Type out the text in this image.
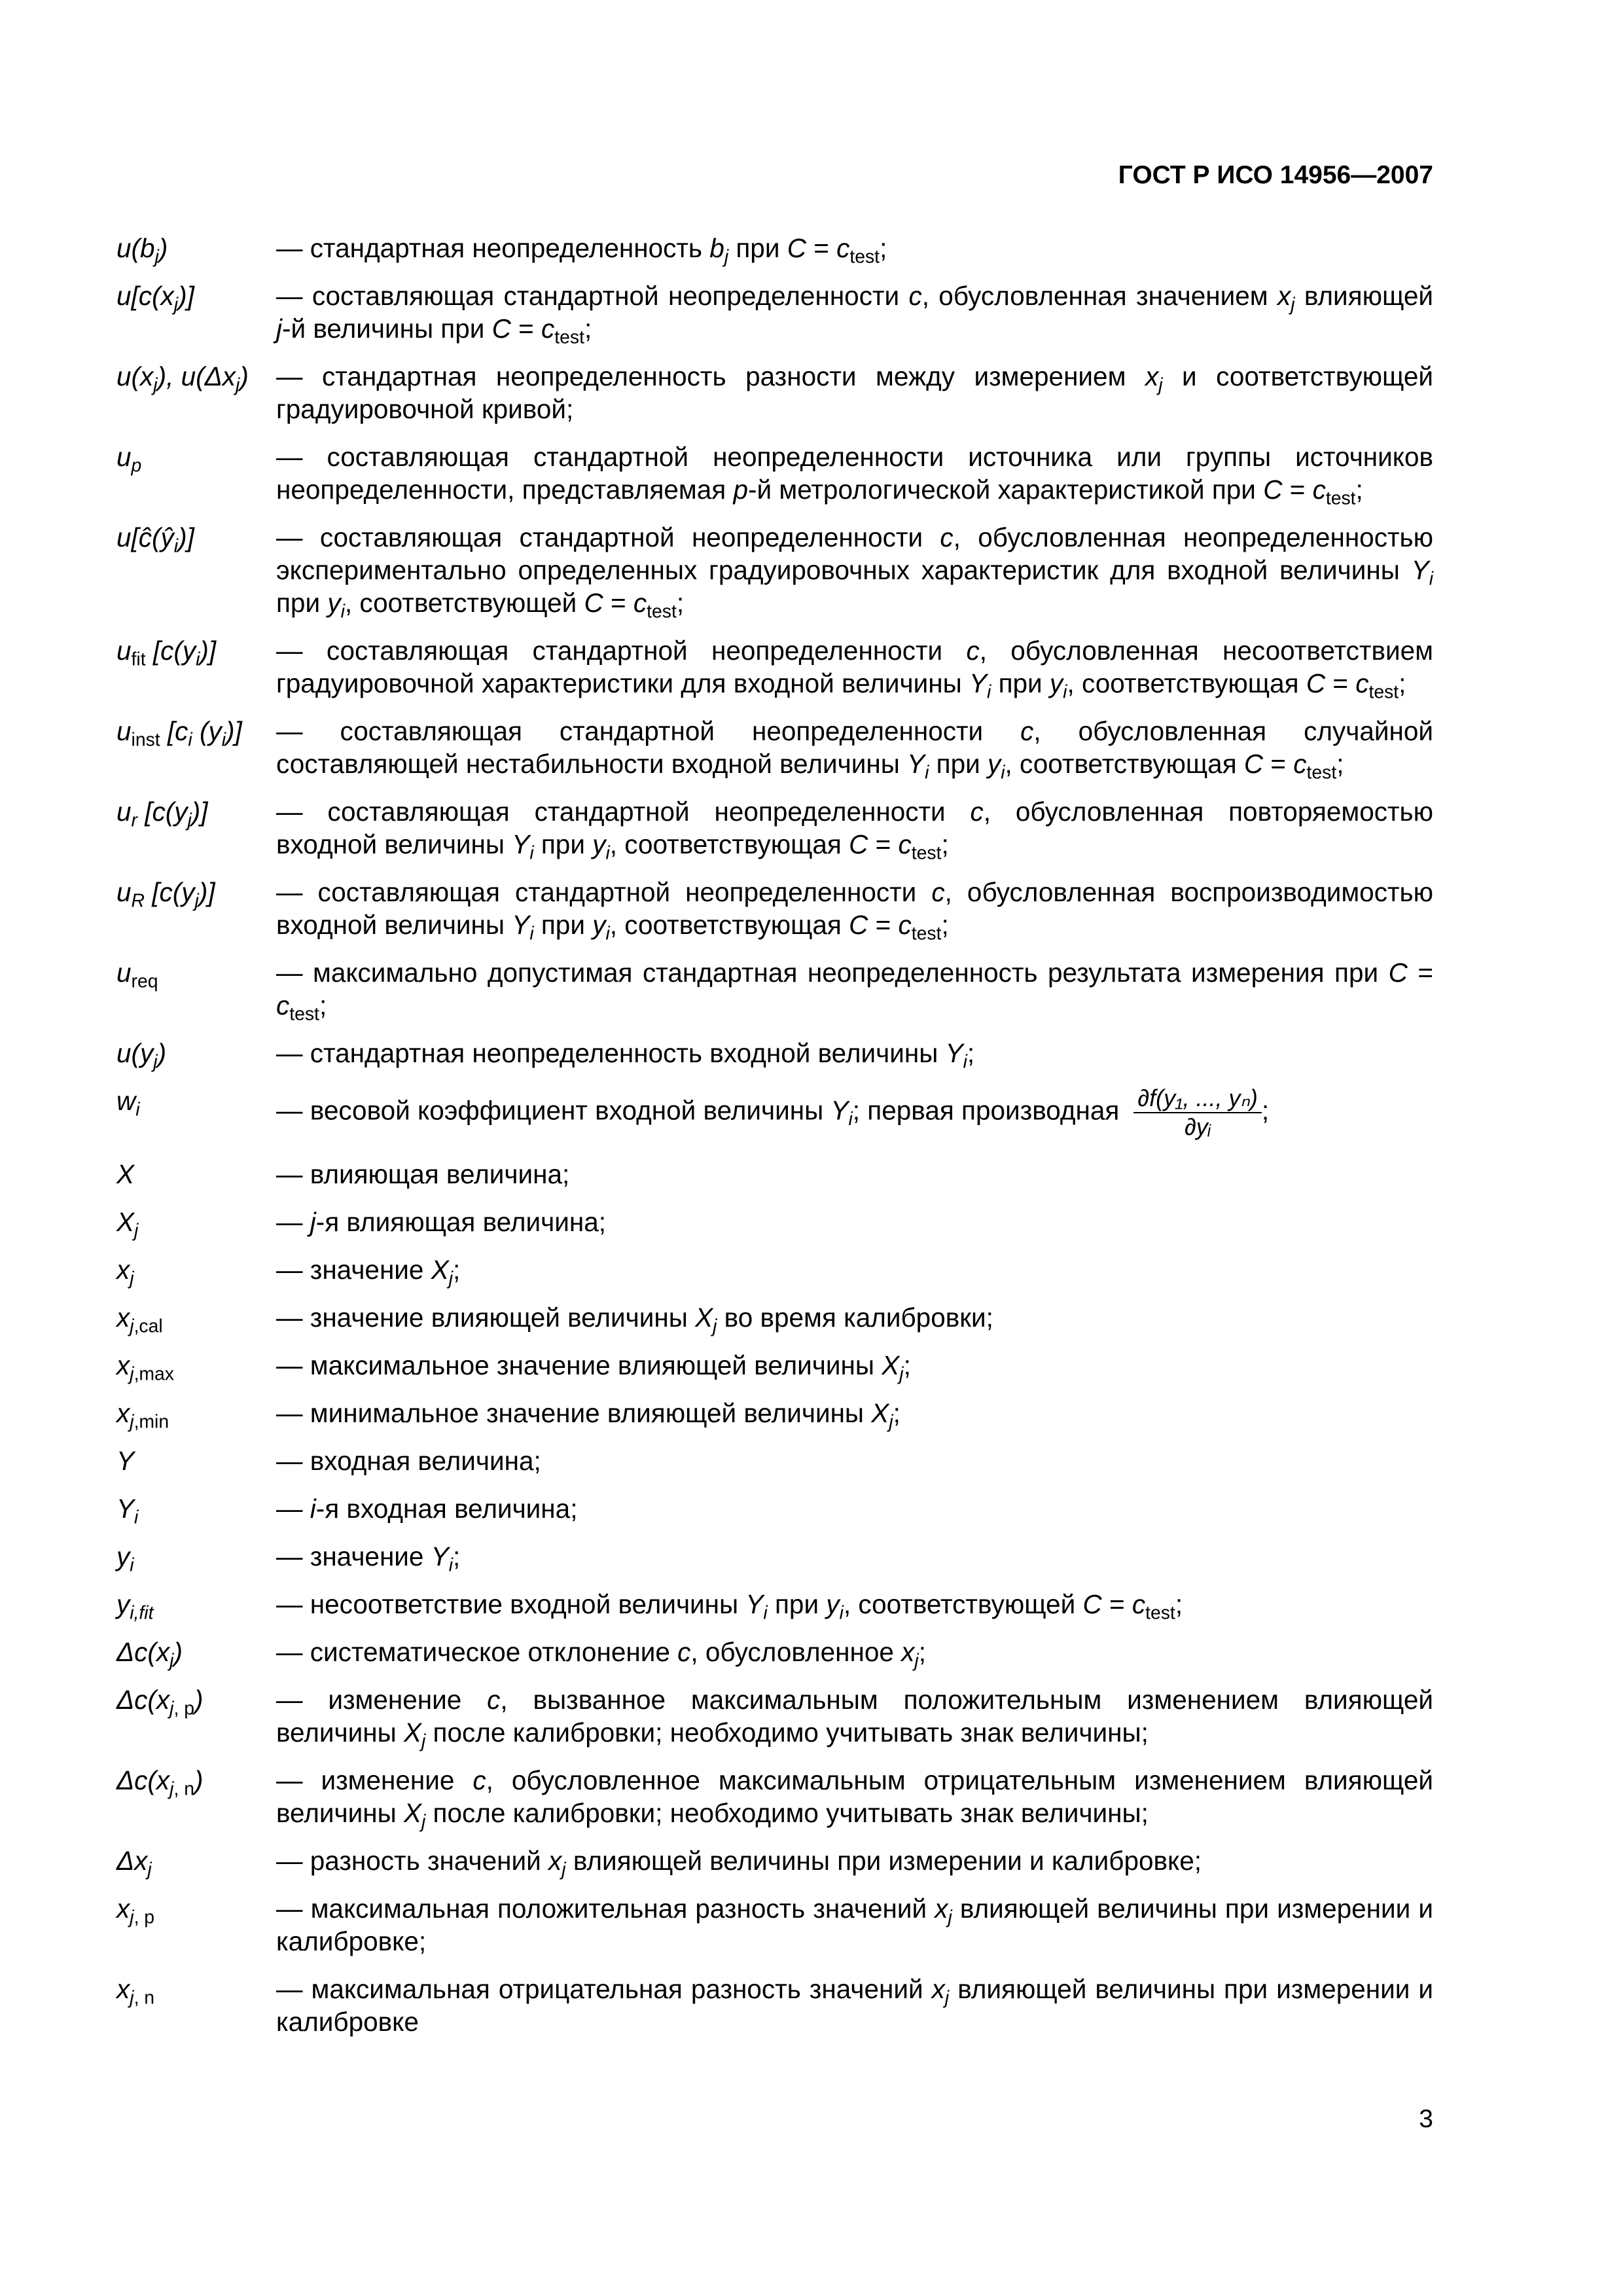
ГОСТ Р ИСО 14956—2007
$u(b_j)$	— стандартная неопределенность $b_j$ при $C = c_{test}$;
$u[c(x_j)]$	— составляющая стандартной неопределенности c, обусловленная значением $x_j$ влияющей j-й величины при $C = c_{test}$;
$u(x_j)$, $u(\Delta x_j)$	— стандартная неопределенность разности между измерением $x_j$ и соответствующей градуировочной кривой;
$u_p$	— составляющая стандартной неопределенности источника или группы источников неопределенности, представляемая p-й метрологической характеристикой при $C = c_{test}$;
$u[ĉ(ŷ_i)]$	— составляющая стандартной неопределенности c, обусловленная неопределенностью экспериментально определенных градуировочных характеристик для входной величины $Y_i$ при $y_i$, соответствующей $C = c_{test}$;
$u_{fit}$ $[c(y_i)]$	— составляющая стандартной неопределенности c, обусловленная несоответствием градуировочной характеристики для входной величины $Y_i$ при $y_i$, соответствующая $C = c_{test}$;
$u_{inst}$ [$c_i$ $(y_i)$]	— составляющая стандартной неопределенности c, обусловленная случайной составляющей нестабильности входной величины $Y_i$ при $y_i$, соответствующая $C = c_{test}$;
$u_r$ $[c(y_j)]$	— составляющая стандартной неопределенности c, обусловленная повторяемостью входной величины $Y_i$ при $y_i$, соответствующая $C = c_{test}$;
$u_R$ $[c(y_j)]$	— составляющая стандартной неопределенности c, обусловленная воспроизводимостью входной величины $Y_i$ при $y_i$, соответствующая $C = c_{test}$;
$u_{req}$	— максимально допустимая стандартная неопределенность результата измерения при $C = c_{test}$;
$u(y_j)$	— стандартная неопределенность входной величины $Y_i$;
$w_i$	— весовой коэффициент входной величины $Y_i$; первая производная $\frac{\text{∂f(y₁, ..., yₙ)}}{\text{∂yᵢ}}$ ;
X	— влияющая величина;
$X_j$	— j-я влияющая величина;
$x_j$	— значение $X_j$;
$x_{j,cal}$	— значение влияющей величины $X_j$ во время калибровки;
$x_{j,max}$	— максимальное значение влияющей величины $X_j$;
$x_{j,min}$	— минимальное значение влияющей величины $X_j$;
Y	— входная величина;
$Y_i$	— i-я входная величина;
$y_i$	— значение $Y_i$;
$y_{i,fit}$	— несоответствие входной величины $Y_i$ при $y_i$, соответствующей $C = c_{test}$;
$\Delta c(x_j)$	— систематическое отклонение c, обусловленное $x_j$;
$\Delta c(x_{j, p})$	— изменение c, вызванное максимальным положительным изменением влияющей величины $X_j$ после калибровки; необходимо учитывать знак величины;
$\Delta c(x_{j, n})$	— изменение c, обусловленное максимальным отрицательным изменением влияющей величины $X_j$ после калибровки; необходимо учитывать знак величины;
$\Delta x_j$	— разность значений $x_j$ влияющей величины при измерении и калибровке;
$x_{j, p}$	— максимальная положительная разность значений $x_j$ влияющей величины при измерении и калибровке;
$x_{j, n}$	— максимальная отрицательная разность значений $x_j$ влияющей величины при измерении и калибровке
3
